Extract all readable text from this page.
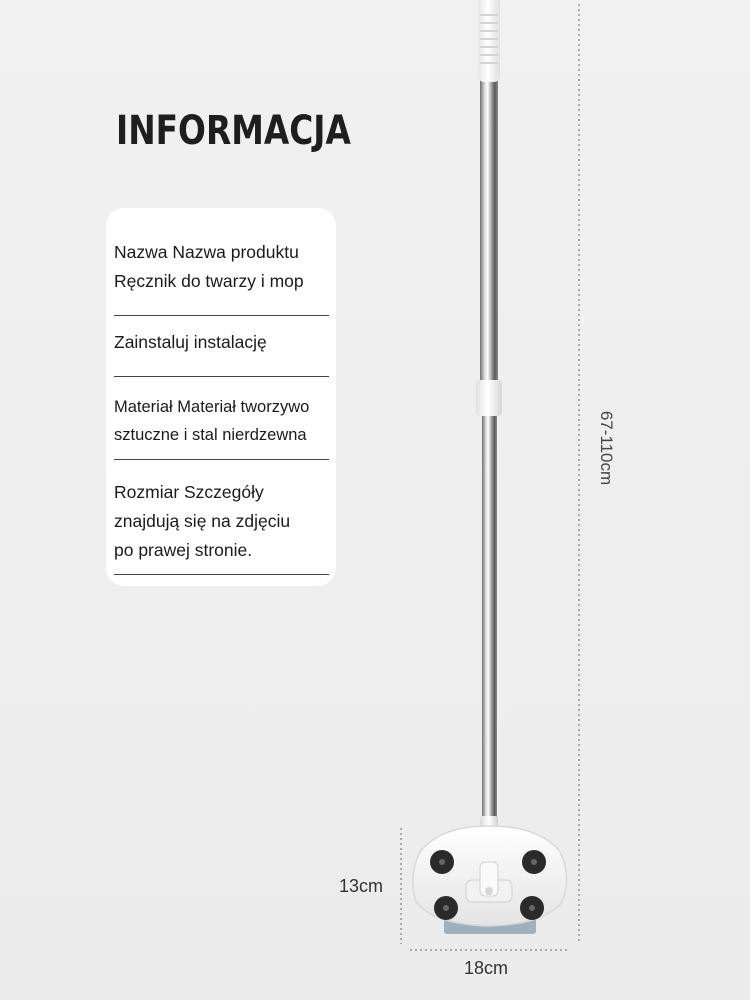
INFORMACJA
Nazwa Nazwa produktu
Ręcznik do twarzy i mop
Zainstaluj instalację
Materiał Materiał tworzywo
sztuczne i stal nierdzewna
Rozmiar Szczegóły
znajdują się na zdjęciu
po prawej stronie.
67-110cm
13cm
18cm
